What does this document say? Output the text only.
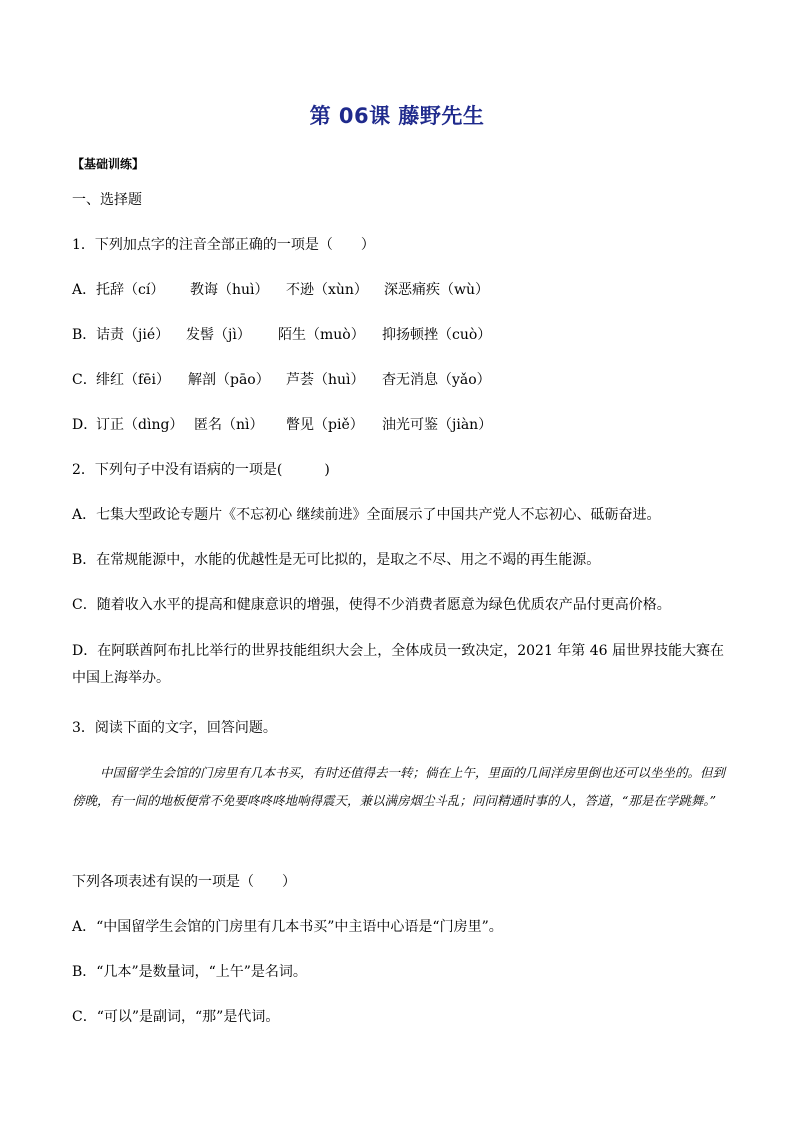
第 06课 藤野先生
【基础训练】
一、选择题
1．下列加点字的注音全部正确的一项是（　　）
A．托辞（cí） 教诲（huì） 不逊（xùn） 深恶痛疾（wù）
B．诘责（jié） 发髻（jì） 陌生（muò） 抑扬顿挫（cuò）
C．绯红（fēi） 解剖（pāo） 芦荟（huì） 杳无消息（yǎo）
D．订正（dìng） 匿名（nì） 瞥见（piě） 油光可鉴（jiàn）
2．下列句子中没有语病的一项是(　　　)
A．七集大型政论专题片《不忘初心 继续前进》全面展示了中国共产党人不忘初心、砥砺奋进。
B．在常规能源中，水能的优越性是无可比拟的，是取之不尽、用之不竭的再生能源。
C．随着收入水平的提高和健康意识的增强，使得不少消费者愿意为绿色优质农产品付更高价格。
D．在阿联酋阿布扎比举行的世界技能组织大会上，全体成员一致决定，2021 年第 46 届世界技能大赛在中国上海举办。
3．阅读下面的文字，回答问题。
中国留学生会馆的门房里有几本书买，有时还值得去一转；倘在上午，里面的几间洋房里倒也还可以坐坐的。但到傍晚，有一间的地板便常不免要咚咚咚地响得震天，兼以满房烟尘斗乱；问问精通时事的人，答道，“那是在学跳舞。”
下列各项表述有误的一项是（　　）
A．“中国留学生会馆的门房里有几本书买”中主语中心语是“门房里”。
B．“几本”是数量词，“上午”是名词。
C．“可以”是副词，“那”是代词。
